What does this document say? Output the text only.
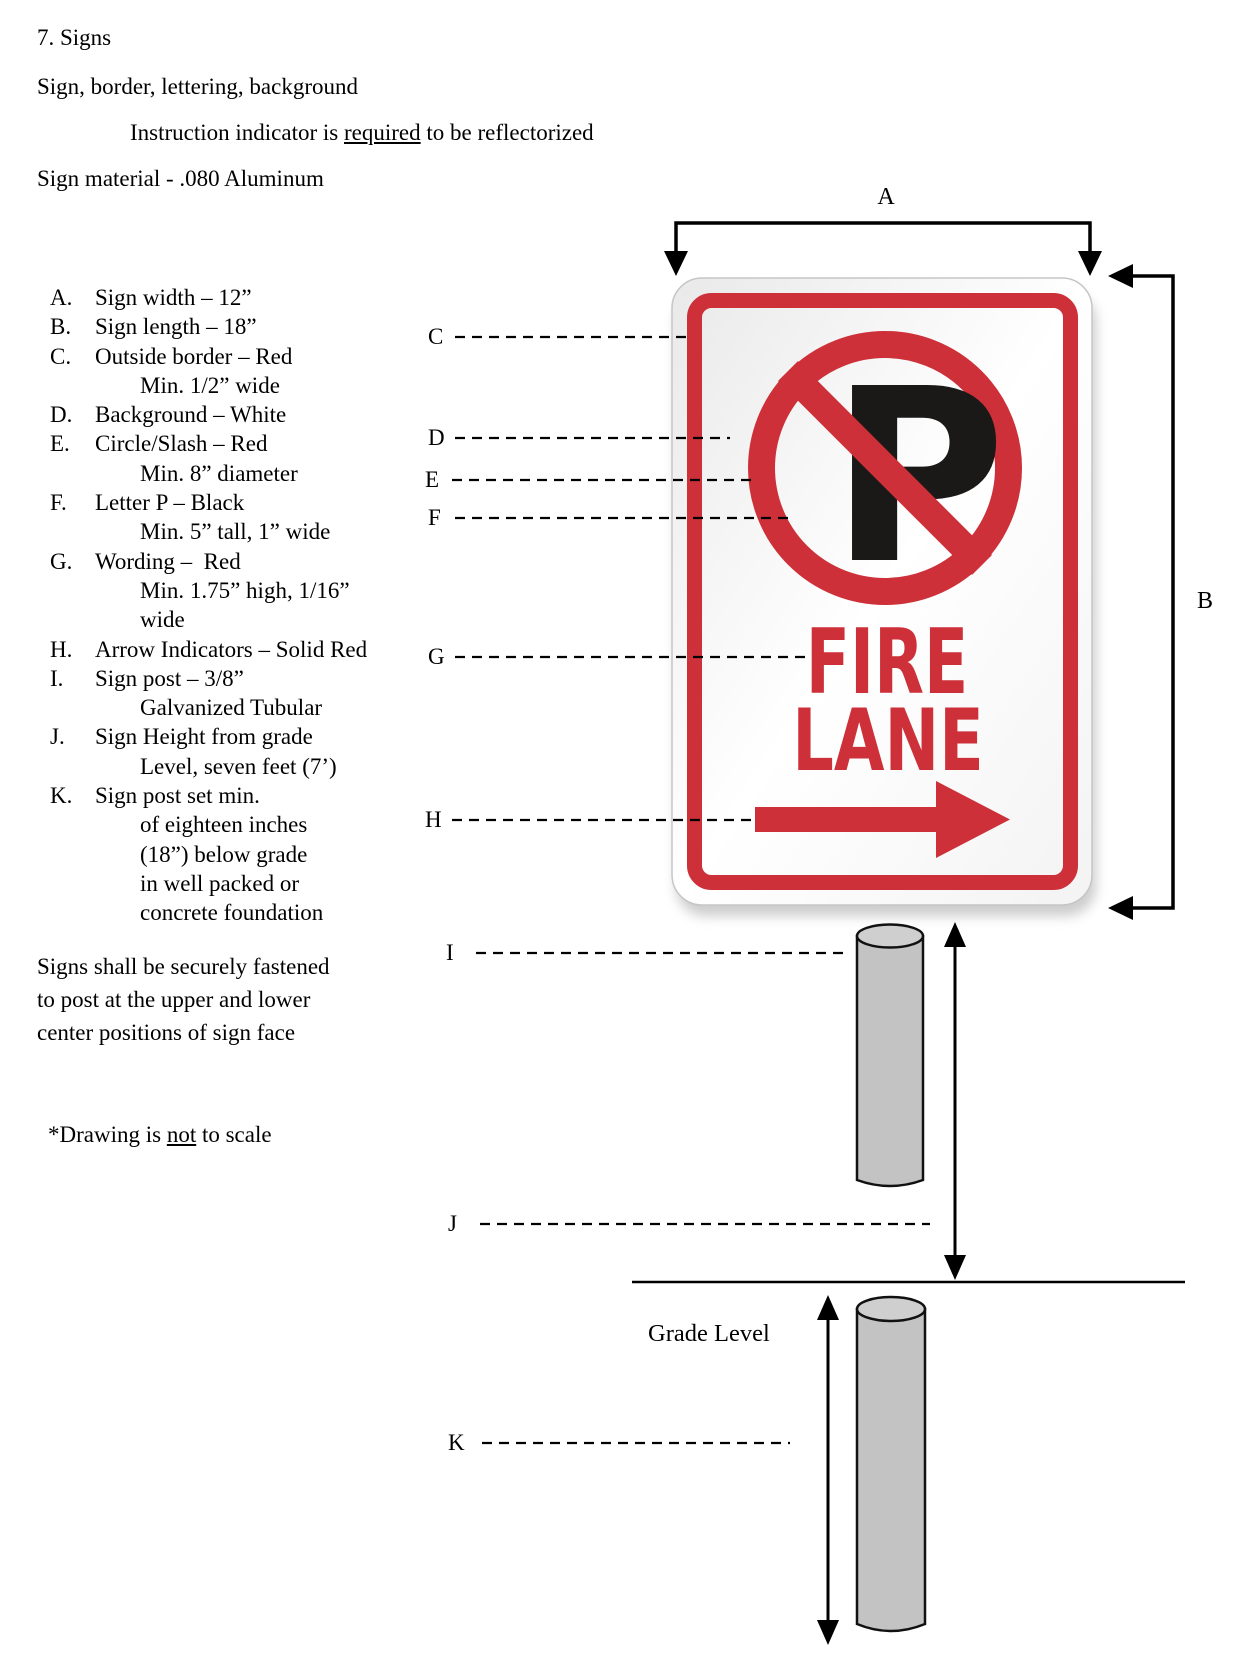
7. Signs
Sign, border, lettering, background
Instruction indicator is required to be reflectorized
Sign material - .080 Aluminum
A. Sign width – 12”
B.	Sign length – 18”
C.	Outside border – Red
Min. 1/2” wide
D. Background – White
E.	Circle/Slash – Red
Min. 8” diameter
F.	Letter P – Black
Min. 5” tall, 1” wide
G. Wording –  Red
Min. 1.75” high, 1/16”
wide
H. Arrow Indicators – Solid Red
I.	Sign post – 3/8”
Galvanized Tubular
J.	Sign Height from grade
Level, seven feet (7’)
K. Sign post set min.
of eighteen inches
(18”) below grade
in well packed or
concrete foundation
Signs shall be securely fastened
to post at the upper and lower
center positions of sign face
*Drawing is not to scale
P
FIRE
LANE
A
B
Grade Level
C
D
E
F
G
H
I
J
K
